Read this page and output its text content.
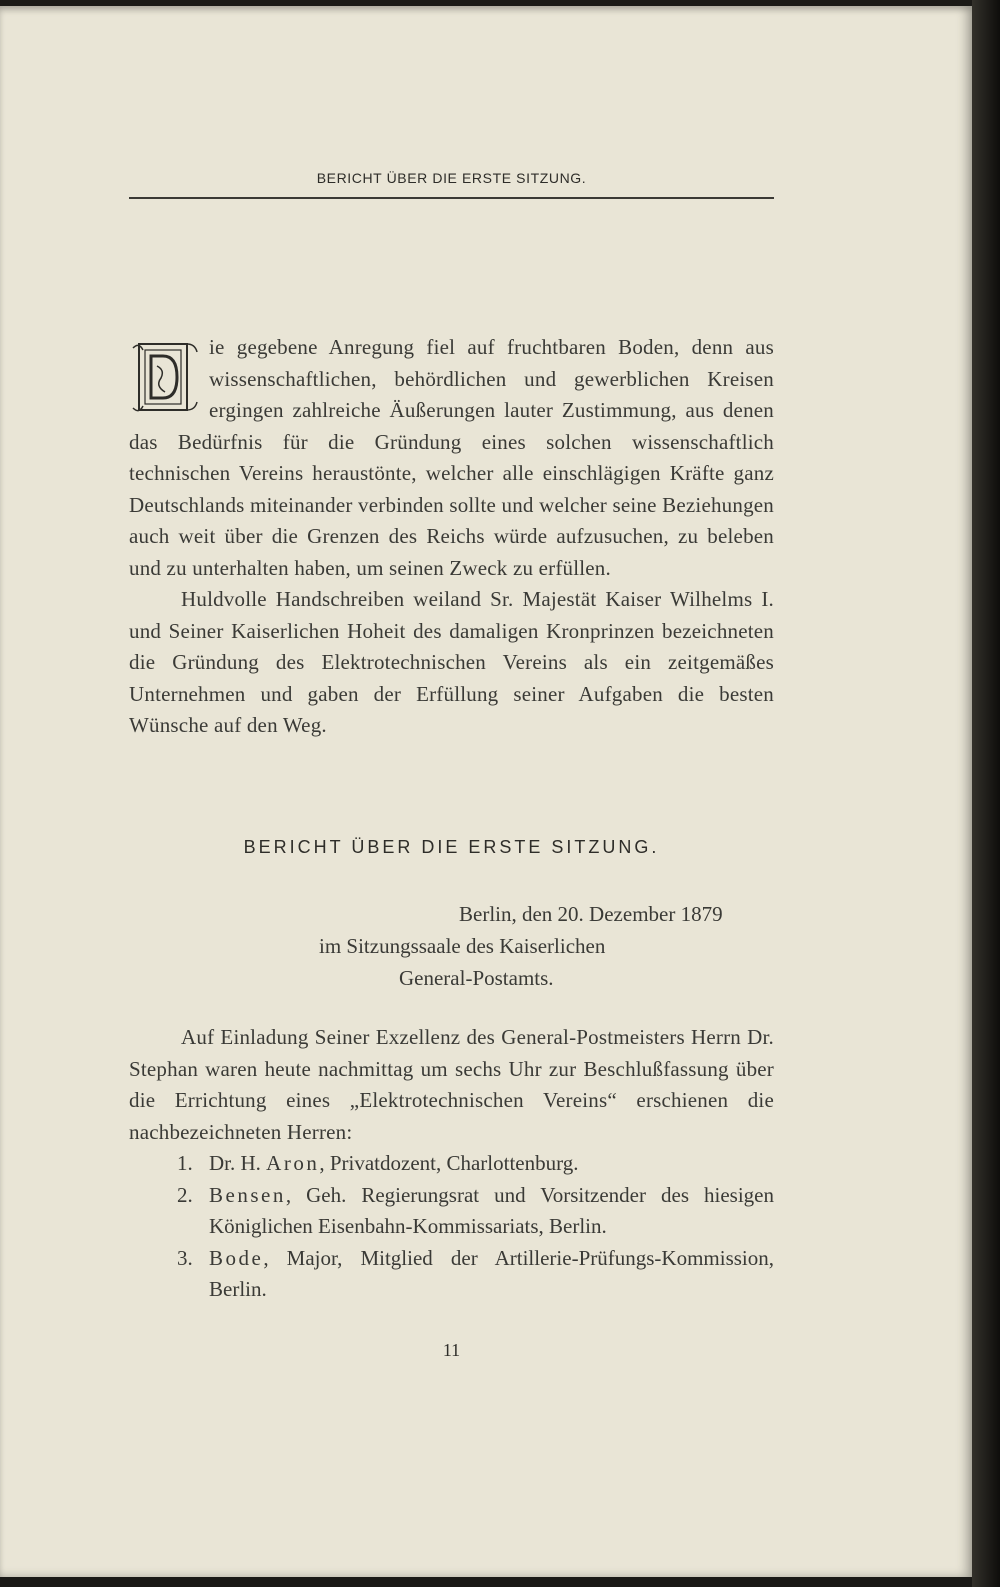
BERICHT ÜBER DIE ERSTE SITZUNG.

ie gegebene Anregung fiel auf fruchtbaren Boden, denn aus wissenschaftlichen, behördlichen und gewerblichen Kreisen ergingen zahlreiche Äußerungen lauter Zustimmung, aus denen das Bedürfnis für die Gründung eines solchen wissenschaftlich technischen Vereins heraustönte, welcher alle einschlägigen Kräfte ganz Deutschlands miteinander verbinden sollte und welcher seine Beziehungen auch weit über die Grenzen des Reichs würde aufzusuchen, zu beleben und zu unterhalten haben, um seinen Zweck zu erfüllen.

Huldvolle Handschreiben weiland Sr. Majestät Kaiser Wilhelms I. und Seiner Kaiserlichen Hoheit des damaligen Kronprinzen bezeichneten die Gründung des Elektrotechnischen Vereins als ein zeitgemäßes Unternehmen und gaben der Erfüllung seiner Aufgaben die besten Wünsche auf den Weg.

BERICHT ÜBER DIE ERSTE SITZUNG.
Berlin, den 20. Dezember 1879
im Sitzungssaale des Kaiserlichen
General-Postamts.

Auf Einladung Seiner Exzellenz des General-Postmeisters Herrn Dr. Stephan waren heute nachmittag um sechs Uhr zur Beschlußfassung über die Errichtung eines „Elektrotechnischen Vereins“ erschienen die nachbezeichneten Herren:

1. Dr. H. Aron, Privatdozent, Charlottenburg.
2. Bensen, Geh. Regierungsrat und Vorsitzender des hiesigen Königlichen Eisenbahn-Kommissariats, Berlin.
3. Bode, Major, Mitglied der Artillerie-Prüfungs-Kommission, Berlin.
11
